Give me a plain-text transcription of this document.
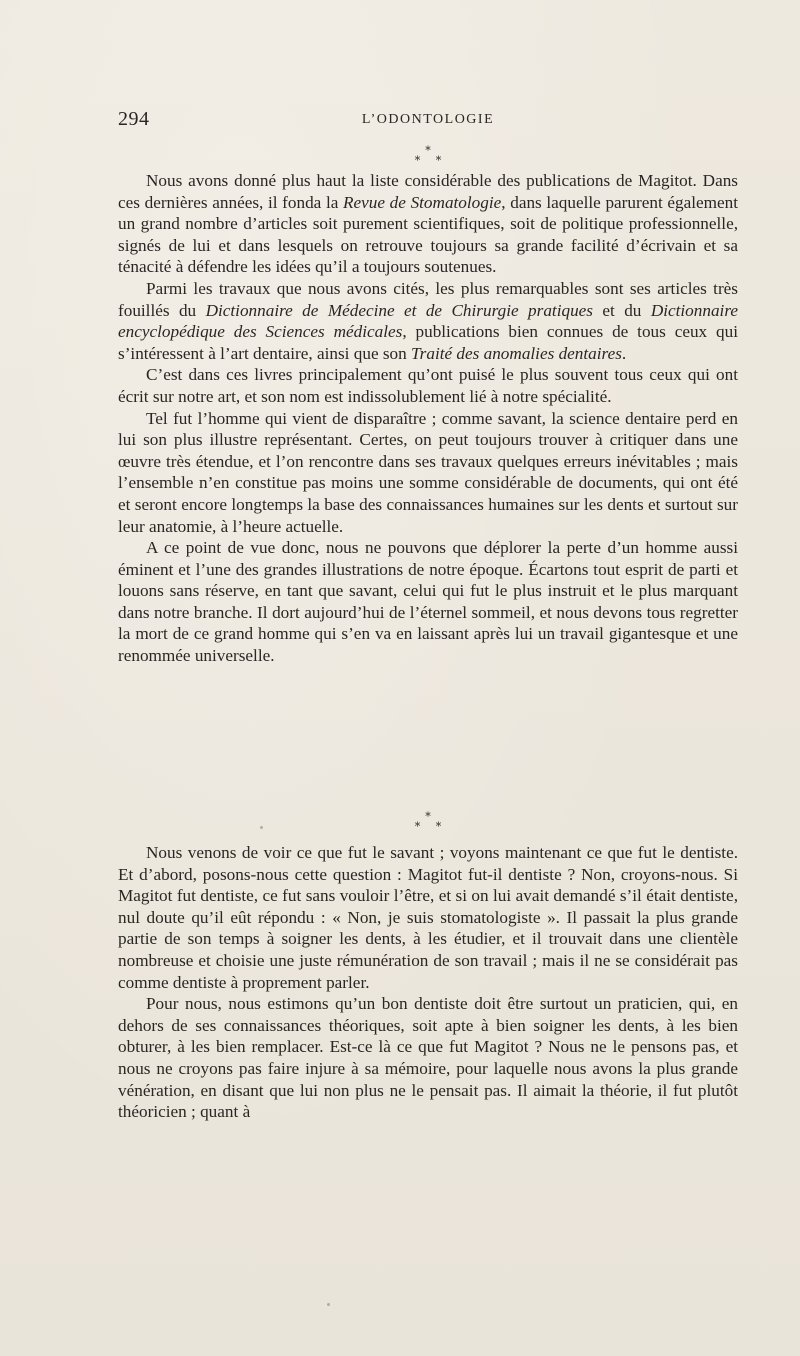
294	L’ODONTOLOGIE
*
* *

Nous avons donné plus haut la liste considérable des publications de Magitot. Dans ces dernières années, il fonda la Revue de Stomatologie, dans laquelle parurent également un grand nombre d’articles soit purement scientifiques, soit de politique professionnelle, signés de lui et dans lesquels on retrouve toujours sa grande facilité d’écrivain et sa ténacité à défendre les idées qu’il a toujours soutenues.

Parmi les travaux que nous avons cités, les plus remarquables sont ses articles très fouillés du Dictionnaire de Médecine et de Chirurgie pratiques et du Dictionnaire encyclopédique des Sciences médicales, publications bien connues de tous ceux qui s’intéressent à l’art dentaire, ainsi que son Traité des anomalies dentaires.

C’est dans ces livres principalement qu’ont puisé le plus souvent tous ceux qui ont écrit sur notre art, et son nom est indissolublement lié à notre spécialité.

Tel fut l’homme qui vient de disparaître ; comme savant, la science dentaire perd en lui son plus illustre représentant. Certes, on peut toujours trouver à critiquer dans une œuvre très étendue, et l’on rencontre dans ses travaux quelques erreurs inévitables ; mais l’ensemble n’en constitue pas moins une somme considérable de documents, qui ont été et seront encore longtemps la base des connaissances humaines sur les dents et surtout sur leur anatomie, à l’heure actuelle.

A ce point de vue donc, nous ne pouvons que déplorer la perte d’un homme aussi éminent et l’une des grandes illustrations de notre époque. Écartons tout esprit de parti et louons sans réserve, en tant que savant, celui qui fut le plus instruit et le plus marquant dans notre branche. Il dort aujourd’hui de l’éternel sommeil, et nous devons tous regretter la mort de ce grand homme qui s’en va en laissant après lui un travail gigantesque et une renommée universelle.

*
* *

Nous venons de voir ce que fut le savant ; voyons maintenant ce que fut le dentiste. Et d’abord, posons-nous cette question : Magitot fut-il dentiste ? Non, croyons-nous. Si Magitot fut dentiste, ce fut sans vouloir l’être, et si on lui avait demandé s’il était dentiste, nul doute qu’il eût répondu : « Non, je suis stomatologiste ». Il passait la plus grande partie de son temps à soigner les dents, à les étudier, et il trouvait dans une clientèle nombreuse et choisie une juste rémunération de son travail ; mais il ne se considérait pas comme dentiste à proprement parler.

Pour nous, nous estimons qu’un bon dentiste doit être surtout un praticien, qui, en dehors de ses connaissances théoriques, soit apte à bien soigner les dents, à les bien obturer, à les bien remplacer. Est-ce là ce que fut Magitot ? Nous ne le pensons pas, et nous ne croyons pas faire injure à sa mémoire, pour laquelle nous avons la plus grande vénération, en disant que lui non plus ne le pensait pas. Il aimait la théorie, il fut plutôt théoricien ; quant à
